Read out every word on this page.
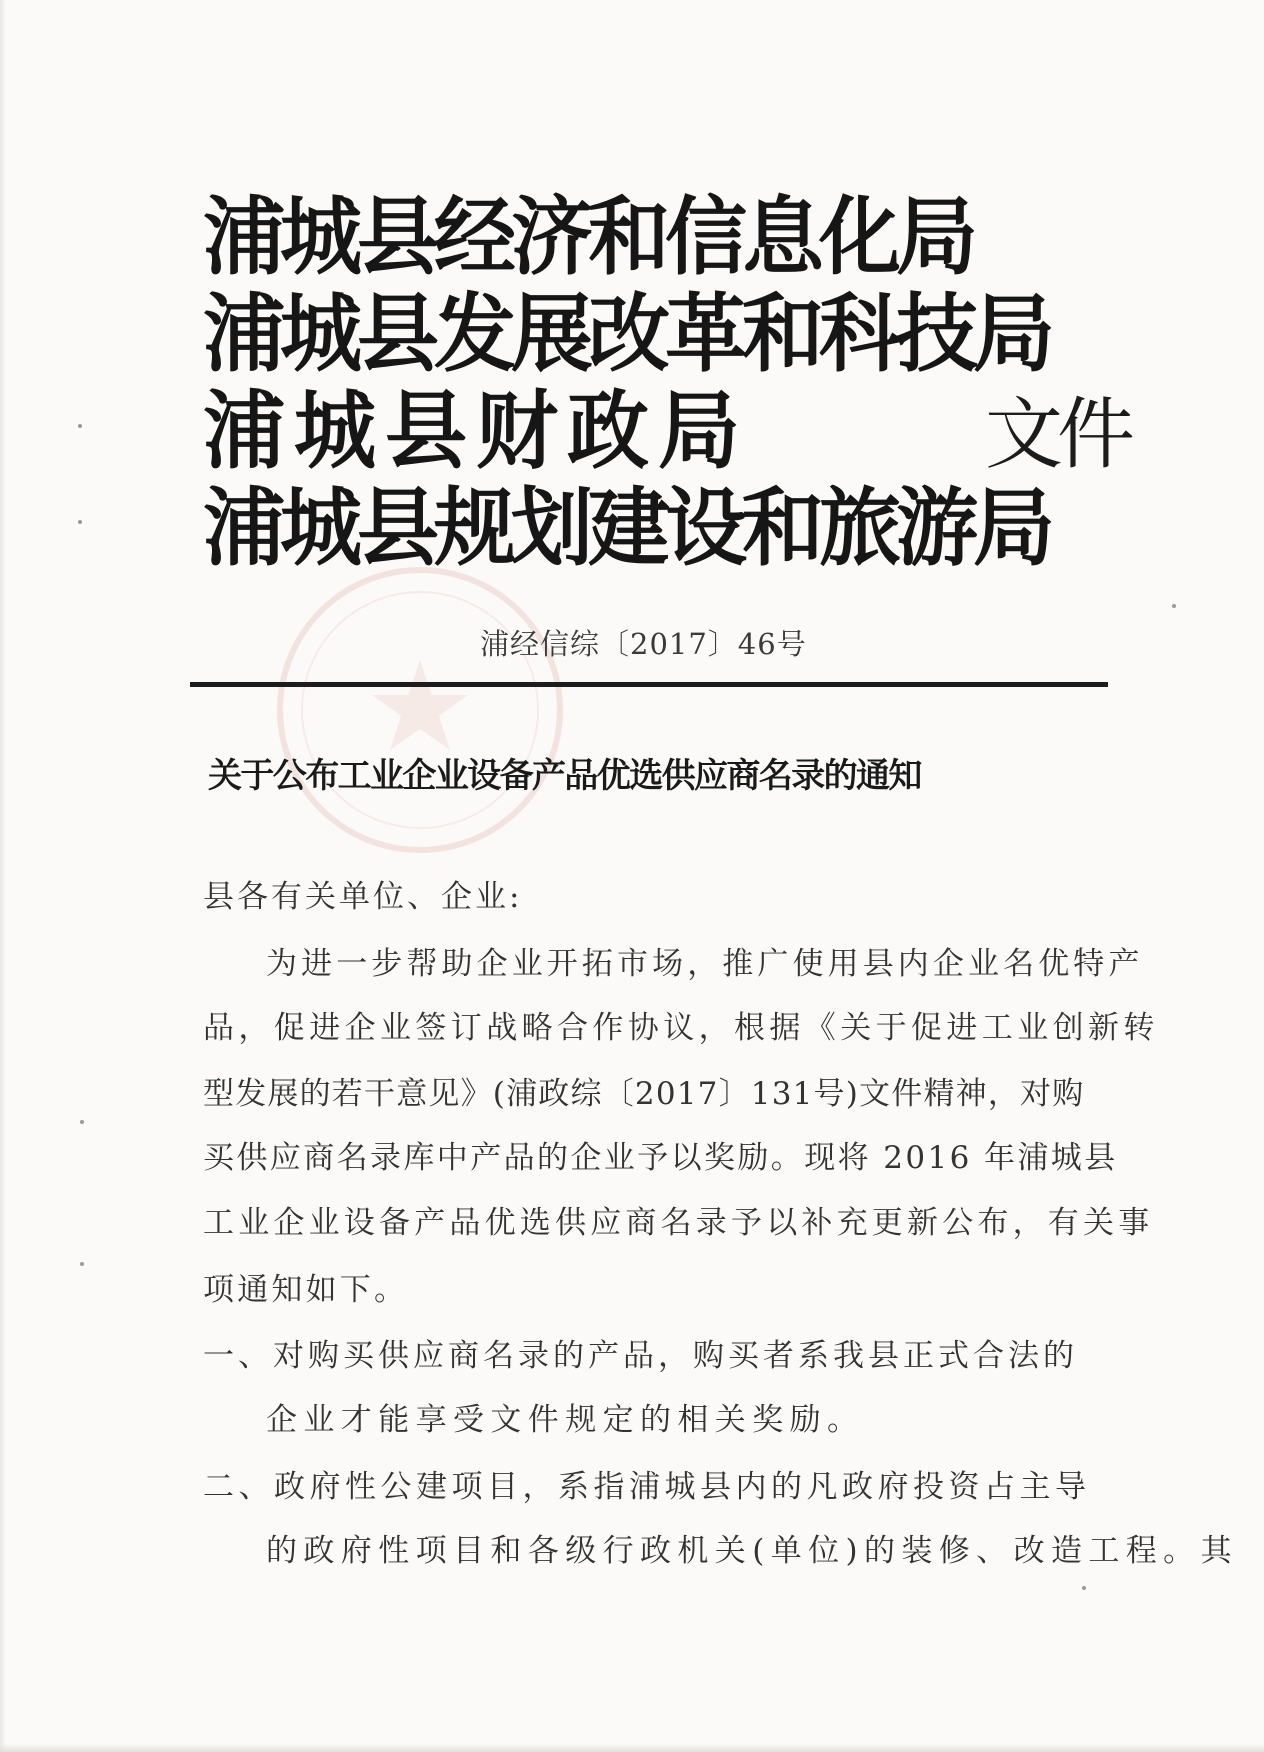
浦城县经济和信息化局
浦城县发展改革和科技局
浦城县财政局
浦城县规划建设和旅游局
文件
浦经信综〔2017〕46号
关于公布工业企业设备产品优选供应商名录的通知
县各有关单位、企业:
为进一步帮助企业开拓市场，推广使用县内企业名优特产
品，促进企业签订战略合作协议，根据《关于促进工业创新转
型发展的若干意见》(浦政综〔2017〕131号)文件精神，对购
买供应商名录库中产品的企业予以奖励。现将 2016 年浦城县
工业企业设备产品优选供应商名录予以补充更新公布，有关事
项通知如下。
一、对购买供应商名录的产品，购买者系我县正式合法的
企业才能享受文件规定的相关奖励。
二、政府性公建项目，系指浦城县内的凡政府投资占主导
的政府性项目和各级行政机关(单位)的装修、改造工程。其
